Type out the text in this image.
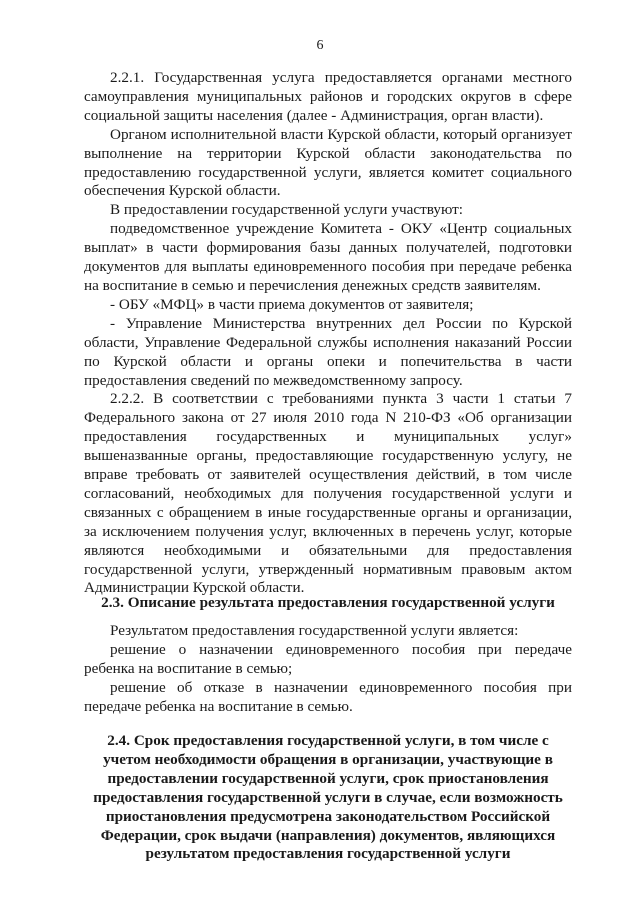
6

2.2.1. Государственная услуга предоставляется органами местного самоуправления муниципальных районов и городских округов в сфере социальной защиты населения (далее - Администрация, орган власти).

Органом исполнительной власти Курской области, который организует выполнение на территории Курской области законодательства по предоставлению государственной услуги, является комитет социального обеспечения Курской области.

В предоставлении государственной услуги участвуют:

подведомственное учреждение Комитета - ОКУ «Центр социальных выплат» в части формирования базы данных получателей, подготовки документов для выплаты единовременного пособия при передаче ребенка на воспитание в семью и перечисления денежных средств заявителям.

- ОБУ «МФЦ» в части приема документов от заявителя;

- Управление Министерства внутренних дел России по Курской области, Управление Федеральной службы исполнения наказаний России по Курской области и органы опеки и попечительства в части предоставления сведений по межведомственному запросу.

2.2.2. В соответствии с требованиями пункта 3 части 1 статьи 7 Федерального закона от 27 июля 2010 года N 210-ФЗ «Об организации предоставления государственных и муниципальных услуг» вышеназванные органы, предоставляющие государственную услугу, не вправе требовать от заявителей осуществления действий, в том числе согласований, необходимых для получения государственной услуги и связанных с обращением в иные государственные органы и организации, за исключением получения услуг, включенных в перечень услуг, которые являются необходимыми и обязательными для предоставления государственной услуги, утвержденный нормативным правовым актом Администрации Курской области.

2.3. Описание результата предоставления государственной услуги

Результатом предоставления государственной услуги является:

решение о назначении единовременного пособия при передаче ребенка на воспитание в семью;

решение об отказе в назначении единовременного пособия при передаче ребенка на воспитание в семью.

2.4. Срок предоставления государственной услуги, в том числе с учетом необходимости обращения в организации, участвующие в предоставлении государственной услуги, срок приостановления предоставления государственной услуги в случае, если возможность приостановления предусмотрена законодательством Российской Федерации, срок выдачи (направления) документов, являющихся результатом предоставления государственной услуги
